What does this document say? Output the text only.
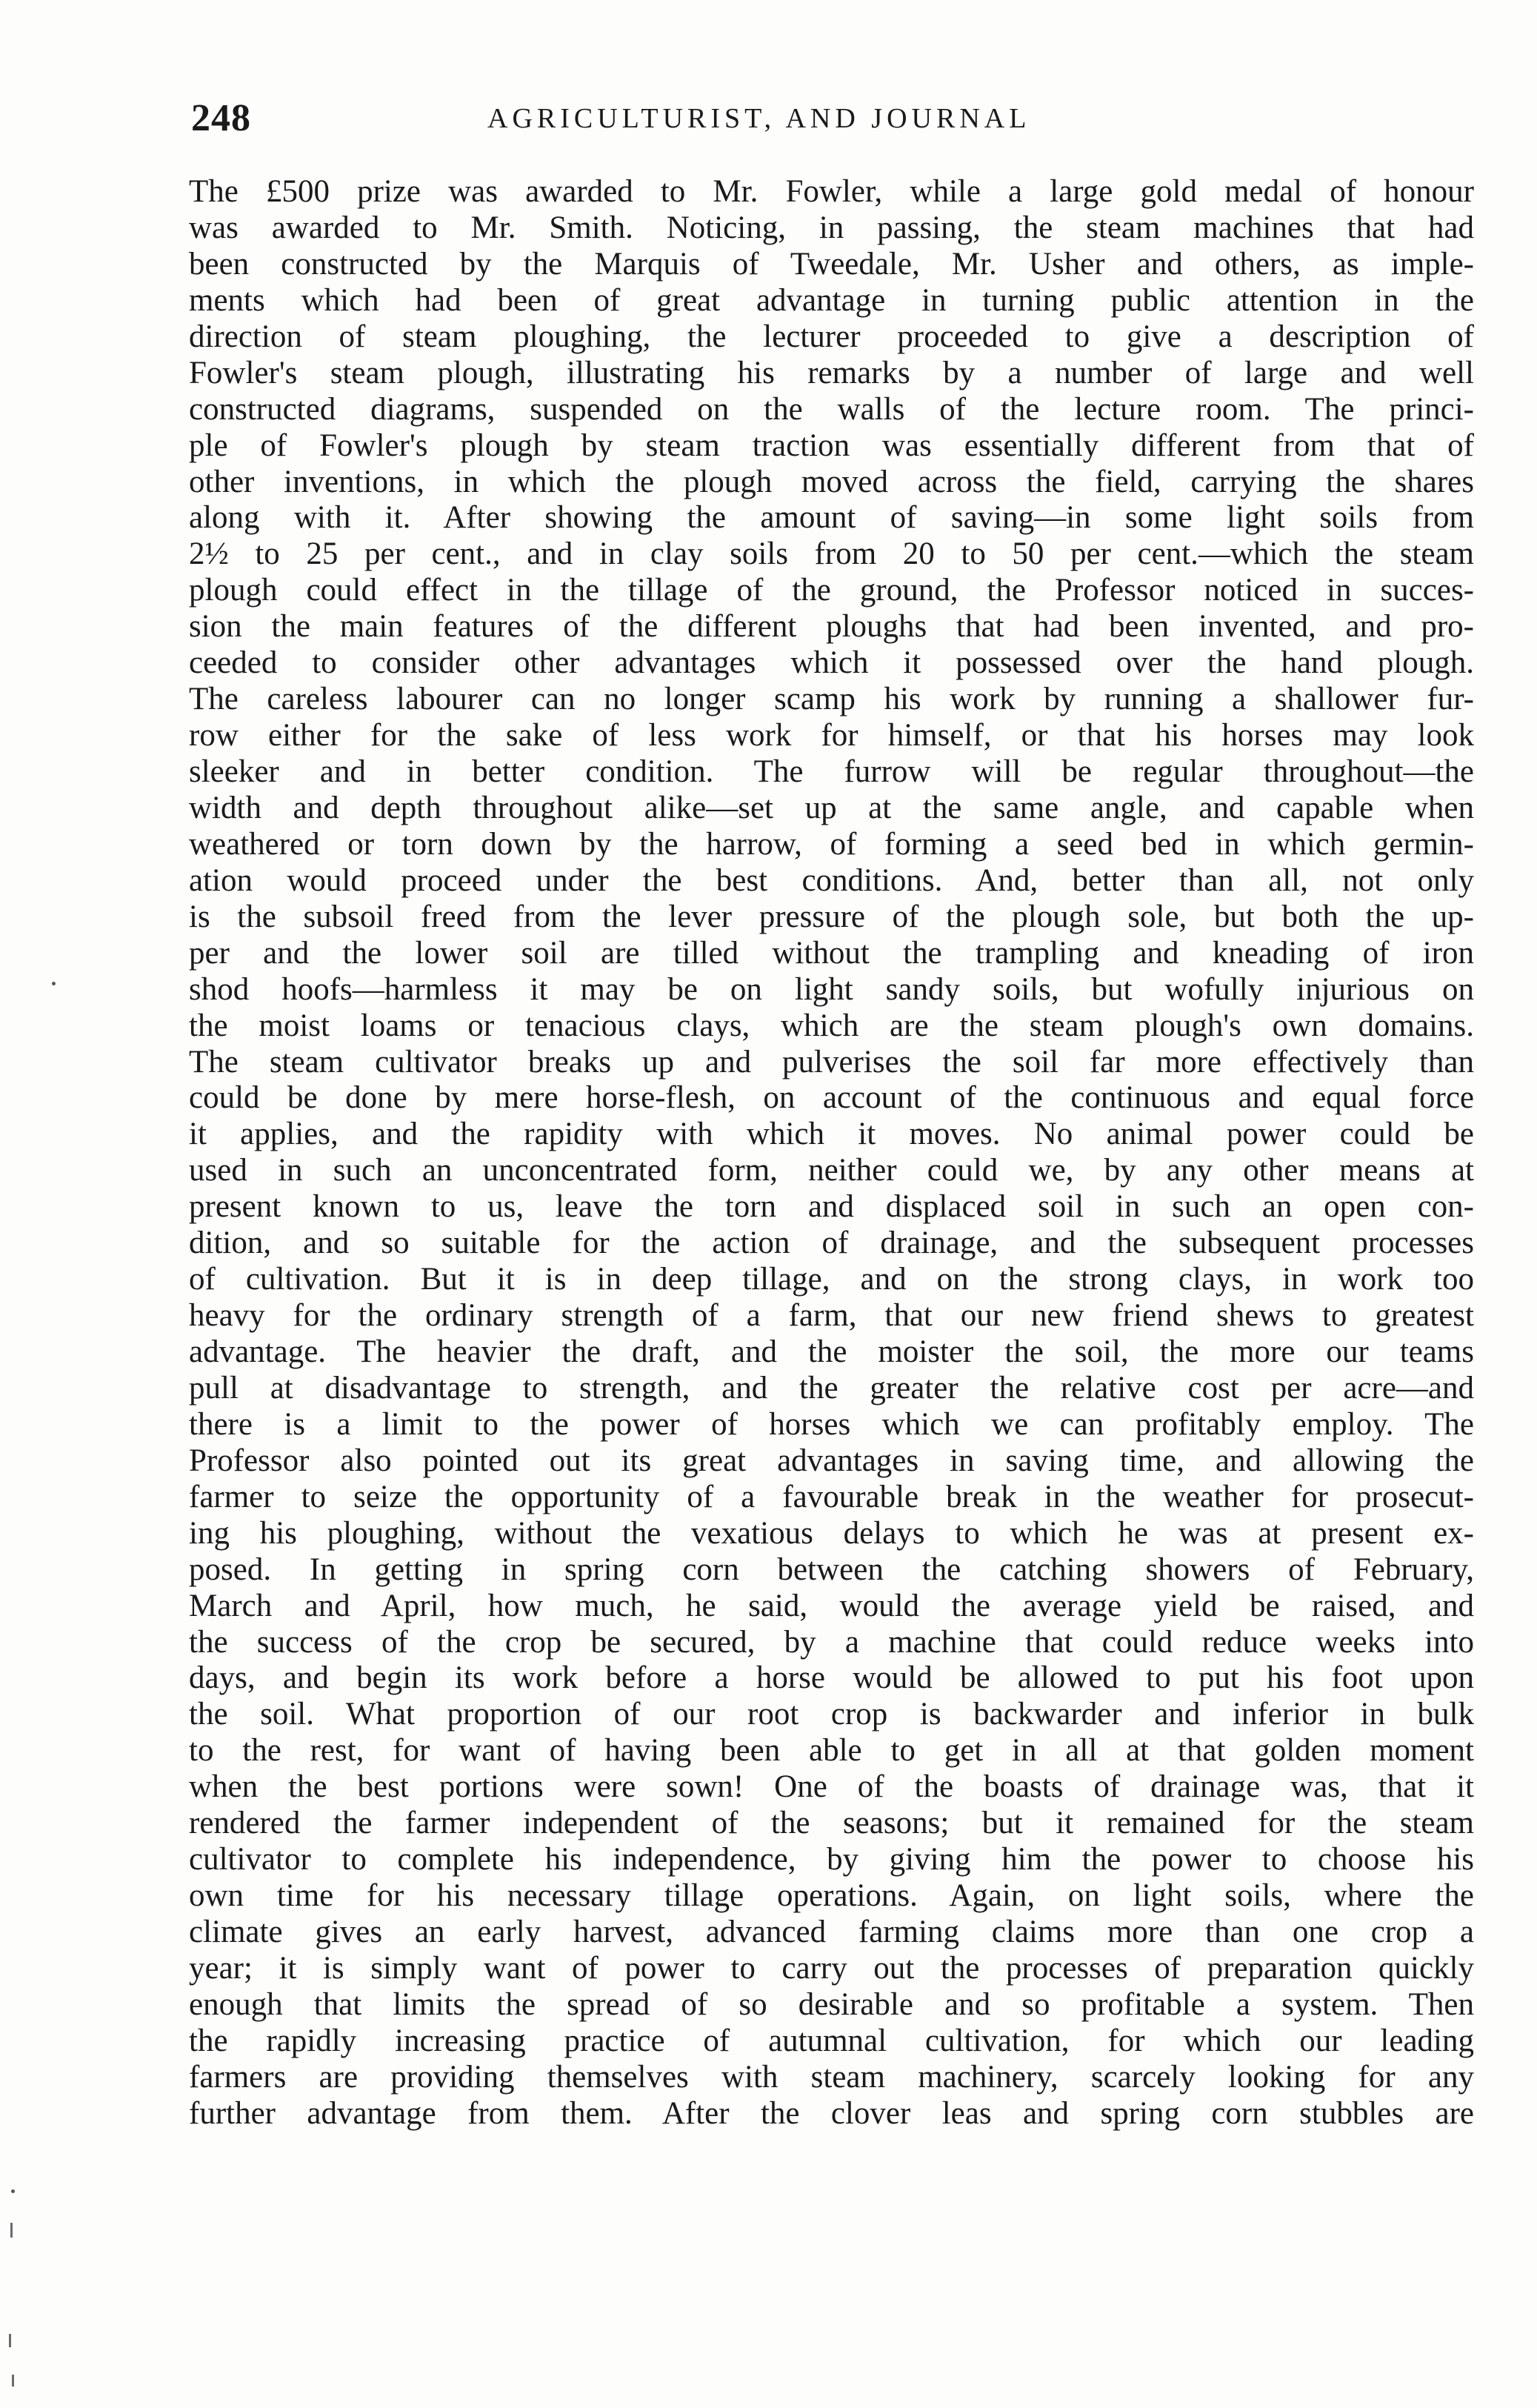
248	AGRICULTURIST, AND JOURNAL
The £500 prize was awarded to Mr. Fowler, while a large gold medal of honour
was awarded to Mr. Smith. Noticing, in passing, the steam machines that had
been constructed by the Marquis of Tweedale, Mr. Usher and others, as imple-
ments which had been of great advantage in turning public attention in the
direction of steam ploughing, the lecturer proceeded to give a description of
Fowler's steam plough, illustrating his remarks by a number of large and well
constructed diagrams, suspended on the walls of the lecture room. The princi-
ple of Fowler's plough by steam traction was essentially different from that of
other inventions, in which the plough moved across the field, carrying the shares
along with it. After showing the amount of saving—in some light soils from
2½ to 25 per cent., and in clay soils from 20 to 50 per cent.—which the steam
plough could effect in the tillage of the ground, the Professor noticed in succes-
sion the main features of the different ploughs that had been invented, and pro-
ceeded to consider other advantages which it possessed over the hand plough.
The careless labourer can no longer scamp his work by running a shallower fur-
row either for the sake of less work for himself, or that his horses may look
sleeker and in better condition. The furrow will be regular throughout—the
width and depth throughout alike—set up at the same angle, and capable when
weathered or torn down by the harrow, of forming a seed bed in which germin-
ation would proceed under the best conditions. And, better than all, not only
is the subsoil freed from the lever pressure of the plough sole, but both the up-
per and the lower soil are tilled without the trampling and kneading of iron
shod hoofs—harmless it may be on light sandy soils, but wofully injurious on
the moist loams or tenacious clays, which are the steam plough's own domains.
The steam cultivator breaks up and pulverises the soil far more effectively than
could be done by mere horse-flesh, on account of the continuous and equal force
it applies, and the rapidity with which it moves. No animal power could be
used in such an unconcentrated form, neither could we, by any other means at
present known to us, leave the torn and displaced soil in such an open con-
dition, and so suitable for the action of drainage, and the subsequent processes
of cultivation. But it is in deep tillage, and on the strong clays, in work too
heavy for the ordinary strength of a farm, that our new friend shews to greatest
advantage. The heavier the draft, and the moister the soil, the more our teams
pull at disadvantage to strength, and the greater the relative cost per acre—and
there is a limit to the power of horses which we can profitably employ. The
Professor also pointed out its great advantages in saving time, and allowing the
farmer to seize the opportunity of a favourable break in the weather for prosecut-
ing his ploughing, without the vexatious delays to which he was at present ex-
posed. In getting in spring corn between the catching showers of February,
March and April, how much, he said, would the average yield be raised, and
the success of the crop be secured, by a machine that could reduce weeks into
days, and begin its work before a horse would be allowed to put his foot upon
the soil. What proportion of our root crop is backwarder and inferior in bulk
to the rest, for want of having been able to get in all at that golden moment
when the best portions were sown! One of the boasts of drainage was, that it
rendered the farmer independent of the seasons; but it remained for the steam
cultivator to complete his independence, by giving him the power to choose his
own time for his necessary tillage operations. Again, on light soils, where the
climate gives an early harvest, advanced farming claims more than one crop a
year; it is simply want of power to carry out the processes of preparation quickly
enough that limits the spread of so desirable and so profitable a system. Then
the rapidly increasing practice of autumnal cultivation, for which our leading
farmers are providing themselves with steam machinery, scarcely looking for any
further advantage from them. After the clover leas and spring corn stubbles are
